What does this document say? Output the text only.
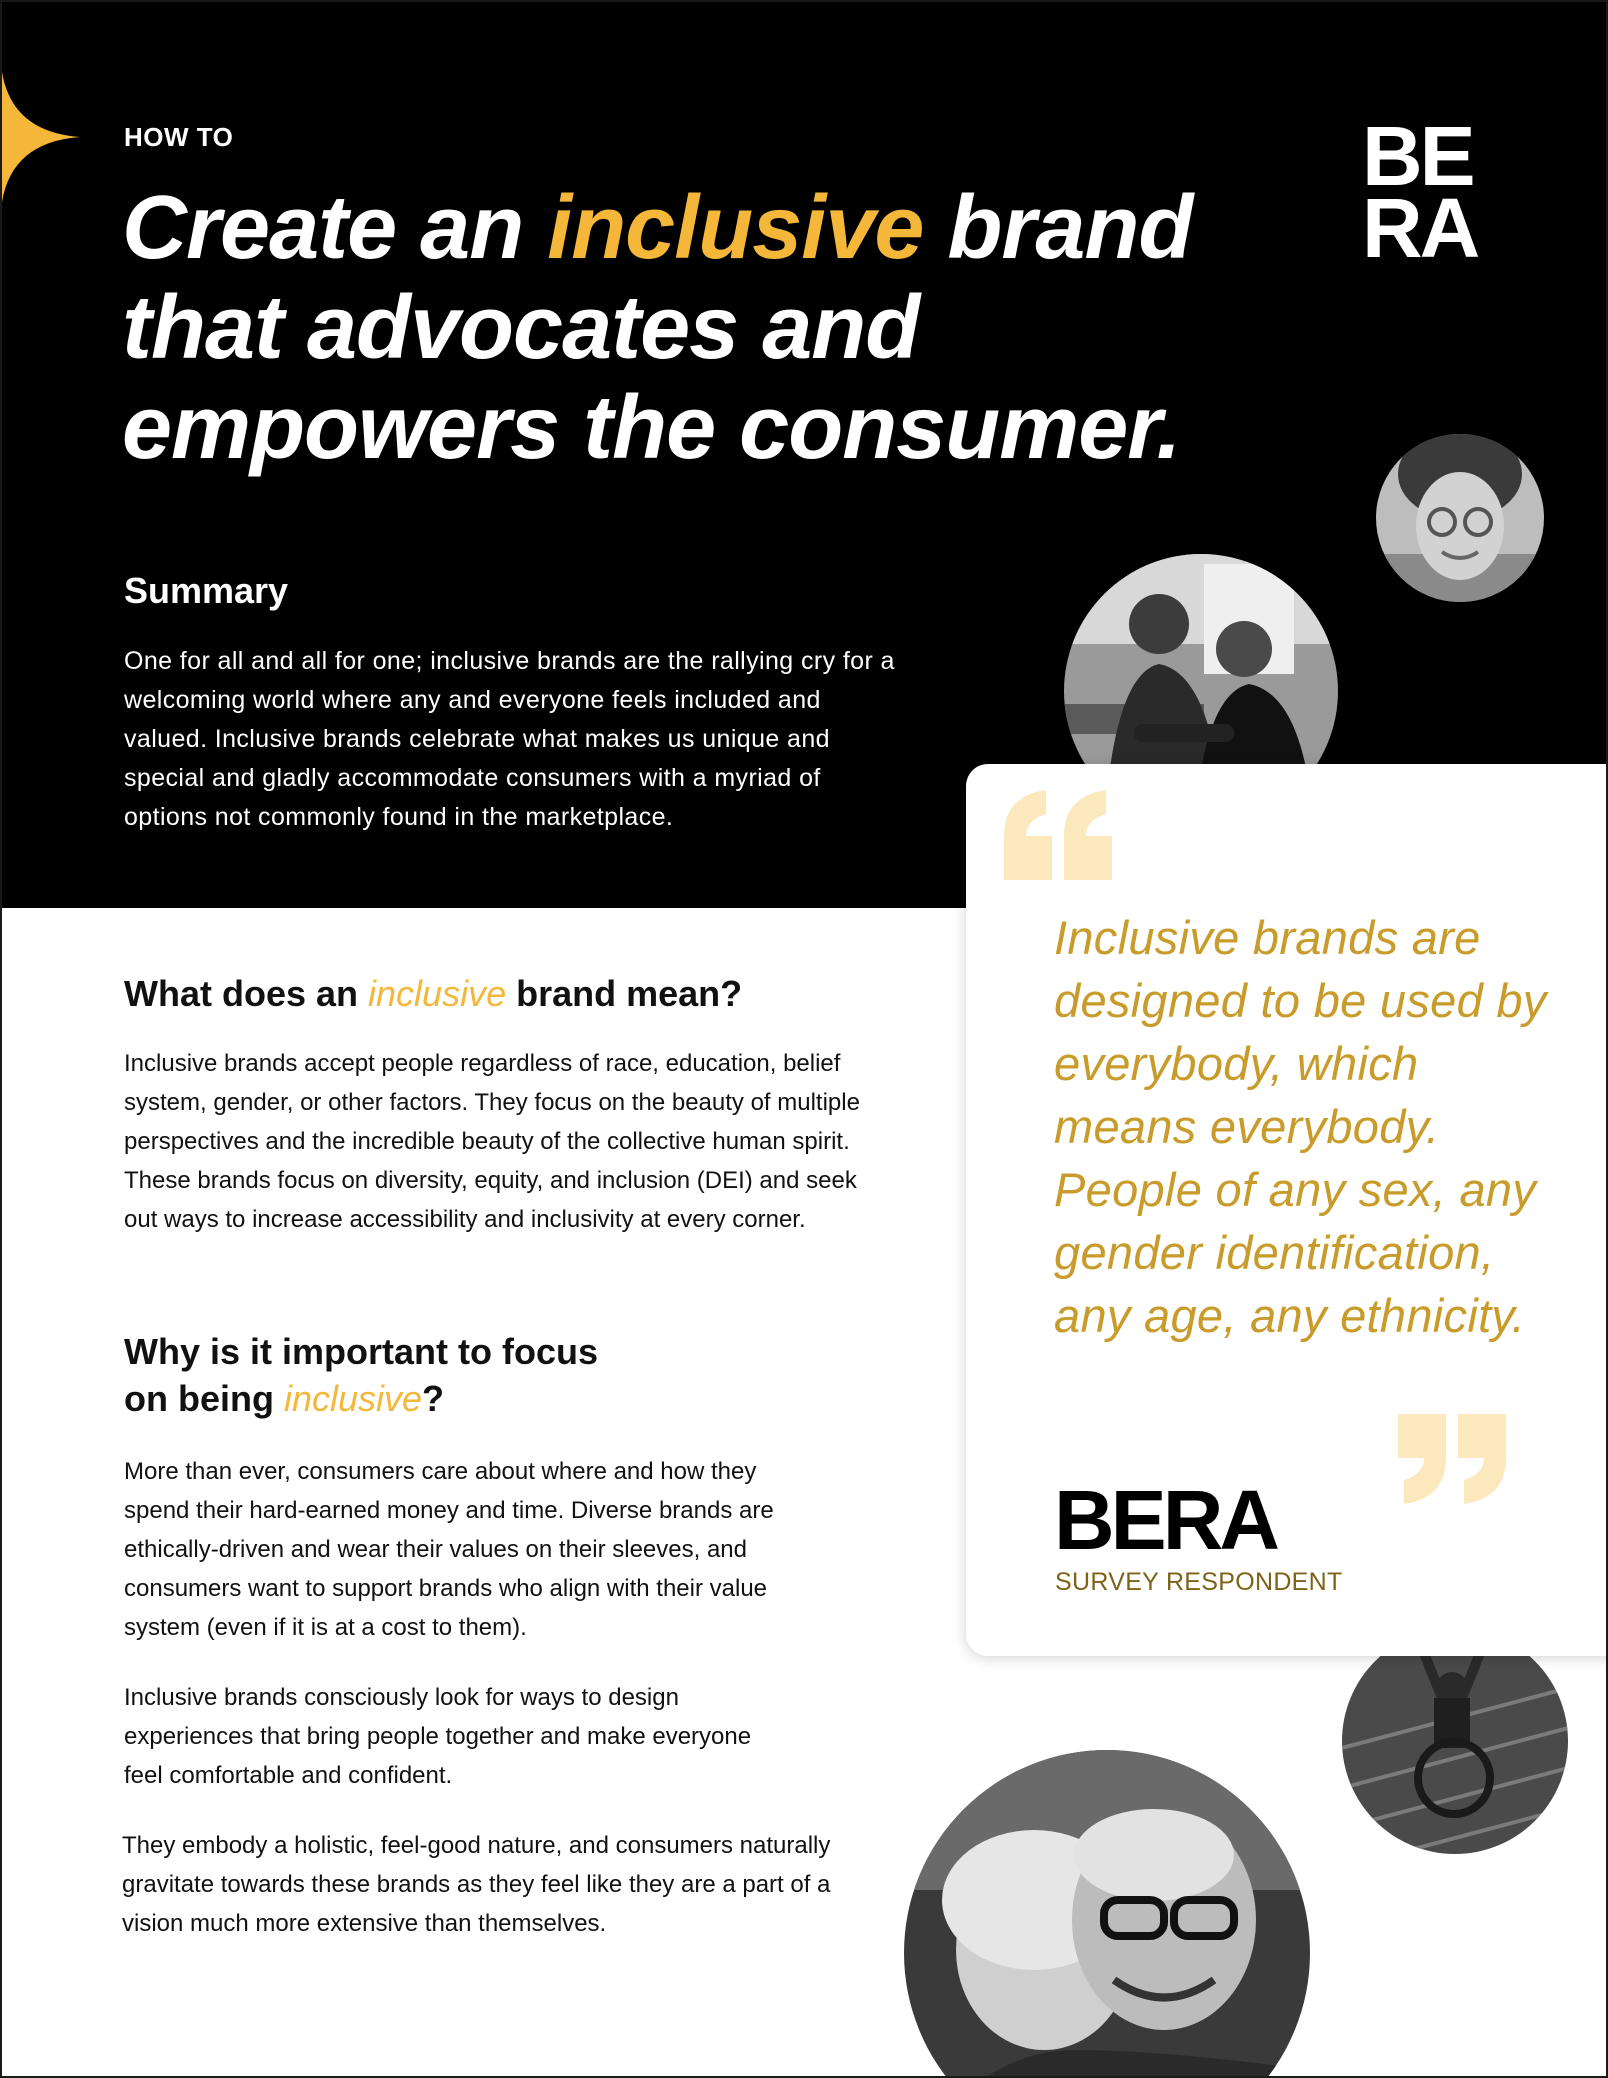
HOW TO
Create an inclusive brand that advocates and empowers the consumer.
BE
RA
Summary

One for all and all for one; inclusive brands are the rallying cry for a welcoming world where any and everyone feels included and valued. Inclusive brands celebrate what makes us unique and special and gladly accommodate consumers with a myriad of options not commonly found in the marketplace.

What does an inclusive brand mean?

Inclusive brands accept people regardless of race, education, belief system, gender, or other factors. They focus on the beauty of multiple perspectives and the incredible beauty of the collective human spirit. These brands focus on diversity, equity, and inclusion (DEI) and seek out ways to increase accessibility and inclusivity at every corner.

Why is it important to focus
on being inclusive?

More than ever, consumers care about where and how they spend their hard-earned money and time. Diverse brands are ethically-driven and wear their values on their sleeves, and consumers want to support brands who align with their value system (even if it is at a cost to them).

Inclusive brands consciously look for ways to design experiences that bring people together and make everyone feel comfortable and confident.

They embody a holistic, feel-good nature, and consumers naturally gravitate towards these brands as they feel like they are a part of a vision much more extensive than themselves.

Inclusive brands are designed to be used by everybody, which means everybody. People of any sex, any gender identification, any age, any ethnicity.

BERA
SURVEY RESPONDENT
